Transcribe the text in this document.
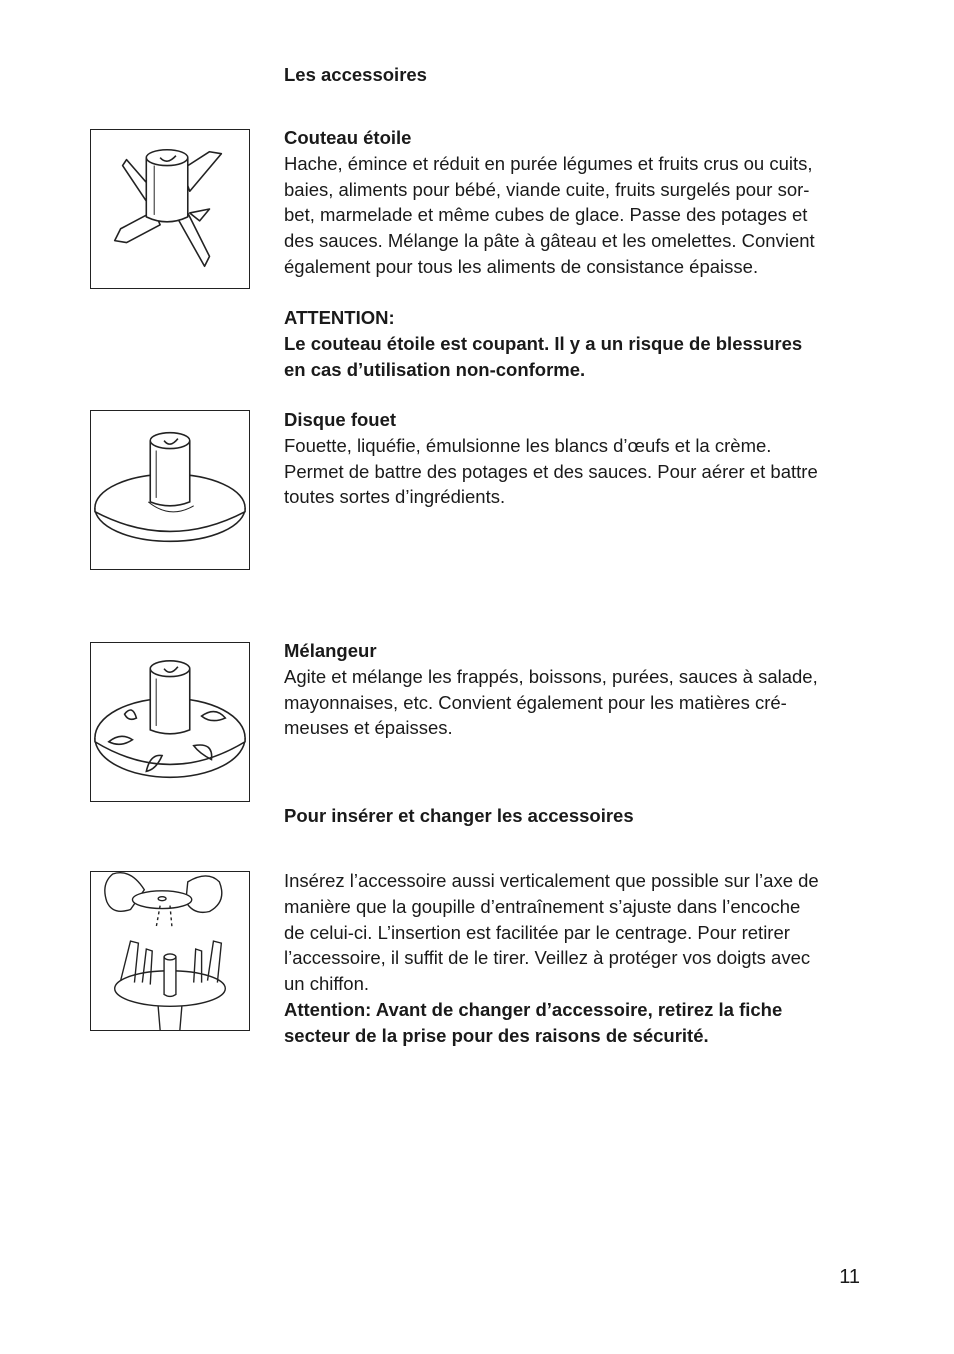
Les accessoires
Couteau étoile
Hache, émince et réduit en purée légumes et fruits crus ou cuits,
baies, aliments pour bébé, viande cuite, fruits surgelés pour sor-
bet, marmelade et même cubes de glace. Passe des potages et
des sauces. Mélange la pâte à gâteau et les omelettes. Convient
également pour tous les aliments de consistance épaisse.
ATTENTION:
Le couteau étoile est coupant. Il y a un risque de blessures
en cas d’utilisation non-conforme.
Disque fouet
Fouette, liquéfie, émulsionne les blancs d’œufs et la crème.
Permet de battre des potages et des sauces. Pour aérer et battre
toutes sortes d’ingrédients.
Mélangeur
Agite et mélange les frappés, boissons, purées, sauces à salade,
mayonnaises, etc. Convient également pour les matières cré-
meuses et épaisses.
Pour insérer et changer les accessoires
Insérez l’accessoire aussi verticalement que possible sur l’axe de
manière que la goupille d’entraînement s’ajuste dans l’encoche
de celui-ci. L’insertion est facilitée par le centrage. Pour retirer
l’accessoire, il suffit de le tirer. Veillez à protéger vos doigts avec
un chiffon.
Attention: Avant de changer d’accessoire, retirez la fiche
secteur de la prise pour des raisons de sécurité.
11
